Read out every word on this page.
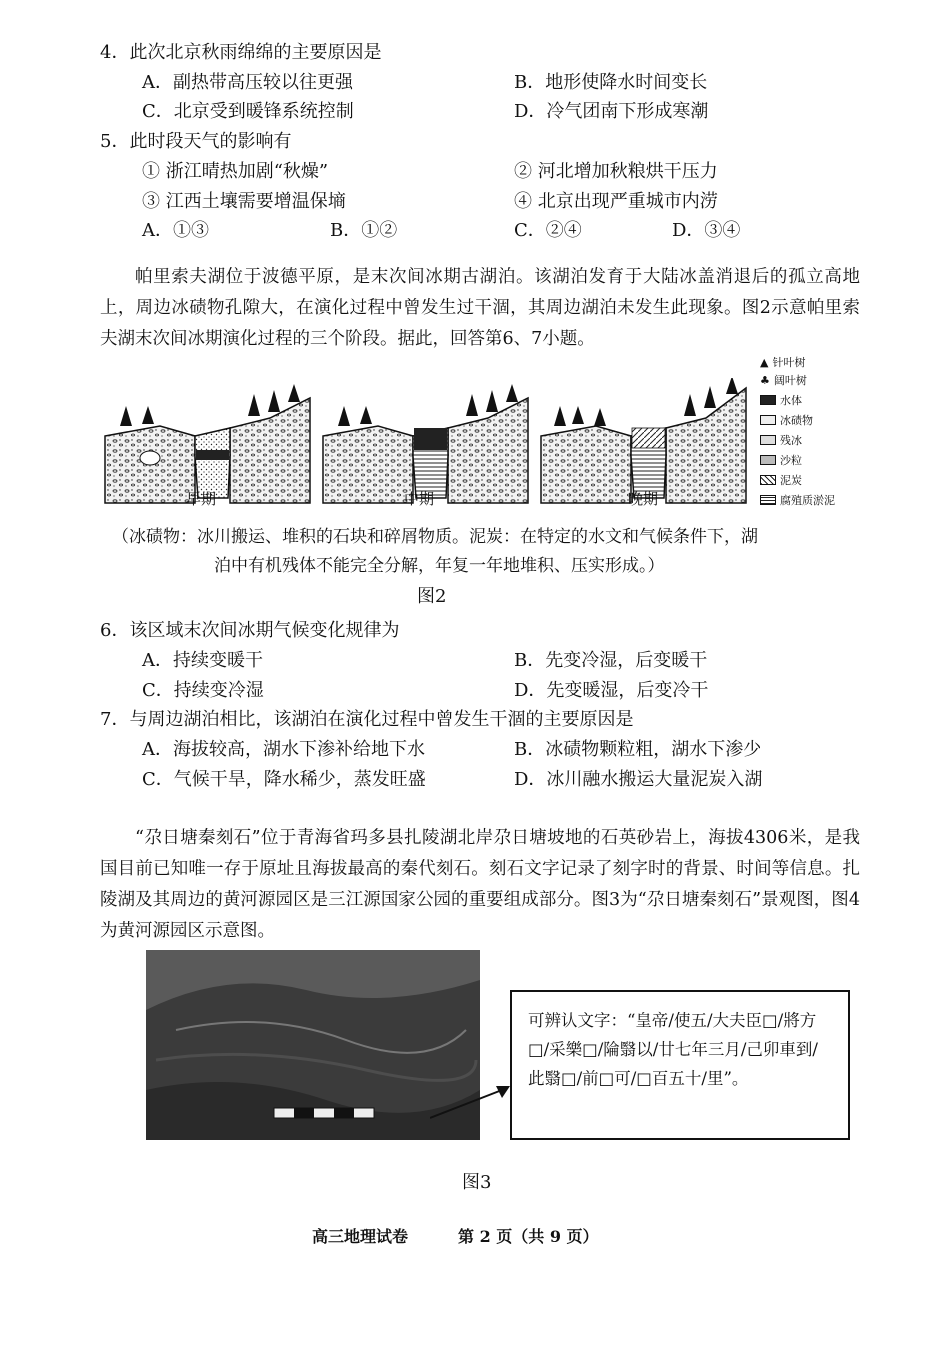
4．此次北京秋雨绵绵的主要原因是
A．副热带高压较以往更强	B．地形使降水时间变长
C．北京受到暖锋系统控制	D．冷气团南下形成寒潮
5．此时段天气的影响有
① 浙江晴热加剧“秋燥”	② 河北增加秋粮烘干压力
③ 江西土壤需要增温保墒	④ 北京出现严重城市内涝
A．①③	B．①②	C．②④	D．③④
帕里索夫湖位于波德平原，是末次间冰期古湖泊。该湖泊发育于大陆冰盖消退后的孤立高地上，周边冰碛物孔隙大，在演化过程中曾发生过干涸，其周边湖泊未发生此现象。图2示意帕里索夫湖末次间冰期演化过程的三个阶段。据此，回答第6、7小题。
▲ 针叶树
♣ 阔叶树
水体
冰碛物
残冰
沙粒
泥炭
腐殖质淤泥
早期	中期	晚期
（冰碛物：冰川搬运、堆积的石块和碎屑物质。泥炭：在特定的水文和气候条件下，湖
泊中有机残体不能完全分解，年复一年地堆积、压实形成。）
图2
6．该区域末次间冰期气候变化规律为
A．持续变暖干	B．先变冷湿，后变暖干
C．持续变冷湿	D．先变暖湿，后变冷干
7．与周边湖泊相比，该湖泊在演化过程中曾发生干涸的主要原因是
A．海拔较高，湖水下渗补给地下水	B．冰碛物颗粒粗，湖水下渗少
C．气候干旱，降水稀少，蒸发旺盛	D．冰川融水搬运大量泥炭入湖
“尕日塘秦刻石”位于青海省玛多县扎陵湖北岸尕日塘坡地的石英砂岩上，海拔4306米，是我国目前已知唯一存于原址且海拔最高的秦代刻石。刻石文字记录了刻字时的背景、时间等信息。扎陵湖及其周边的黄河源园区是三江源国家公园的重要组成部分。图3为“尕日塘秦刻石”景观图，图4为黄河源园区示意图。
可辨认文字：“皇帝/使五/大夫臣□/將方□/采樂□/陯翳以/廿七年三月/己卯車到/此翳□/前□可/□百五十/里”。
图3
高三地理试卷	第 2 页（共 9 页）
